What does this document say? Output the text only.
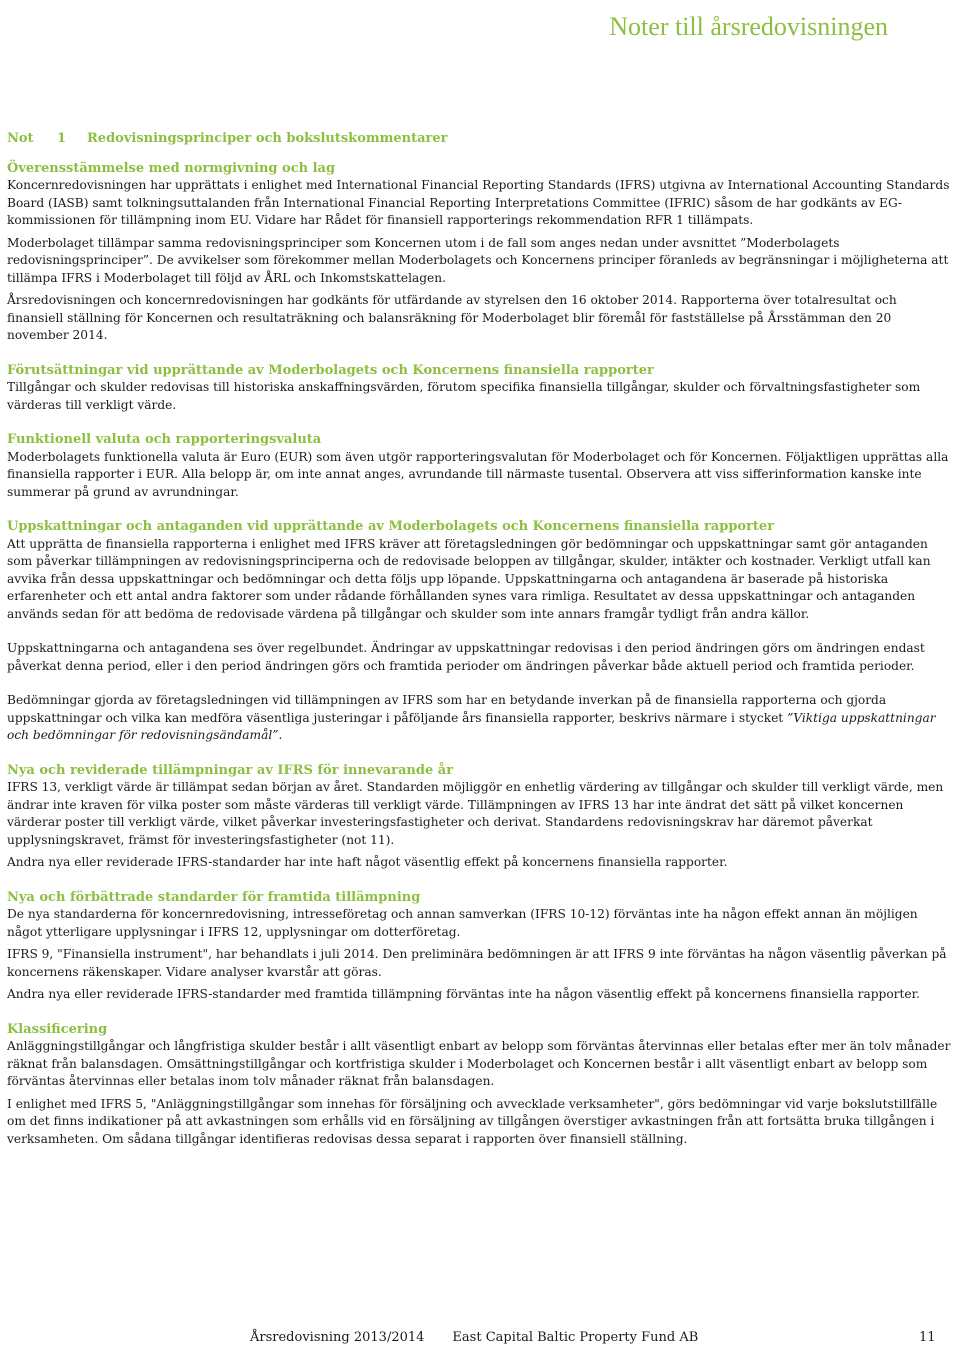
Noter till årsredovisningen
Not 1 Redovisningsprinciper och bokslutskommentarer
Överensstämmelse med normgivning och lag

Koncernredovisningen har upprättats i enlighet med International Financial Reporting Standards (IFRS) utgivna av International Accounting Standards Board (IASB) samt tolkningsuttalanden från International Financial Reporting Interpretations Committee (IFRIC) såsom de har godkänts av EG-kommissionen för tillämpning inom EU. Vidare har Rådet för finansiell rapporterings rekommendation RFR 1 tillämpats.

Moderbolaget tillämpar samma redovisningsprinciper som Koncernen utom i de fall som anges nedan under avsnittet ”Moderbolagets redovisningsprinciper”. De avvikelser som förekommer mellan Moderbolagets och Koncernens principer föranleds av begränsningar i möjligheterna att tillämpa IFRS i Moderbolaget till följd av ÅRL och Inkomstskattelagen.

Årsredovisningen och koncernredovisningen har godkänts för utfärdande av styrelsen den 16 oktober 2014. Rapporterna över totalresultat och finansiell ställning för Koncernen och resultaträkning och balansräkning för Moderbolaget blir föremål för fastställelse på Årsstämman den 20 november 2014.

Förutsättningar vid upprättande av Moderbolagets och Koncernens finansiella rapporter

Tillgångar och skulder redovisas till historiska anskaffningsvärden, förutom specifika finansiella tillgångar, skulder och förvaltningsfastigheter som värderas till verkligt värde.

Funktionell valuta och rapporteringsvaluta

Moderbolagets funktionella valuta är Euro (EUR) som även utgör rapporteringsvalutan för Moderbolaget och för Koncernen. Följaktligen upprättas alla finansiella rapporter i EUR. Alla belopp är, om inte annat anges, avrundande till närmaste tusental. Observera att viss sifferinformation kanske inte summerar på grund av avrundningar.

Uppskattningar och antaganden vid upprättande av Moderbolagets och Koncernens finansiella rapporter

Att upprätta de finansiella rapporterna i enlighet med IFRS kräver att företagsledningen gör bedömningar och uppskattningar samt gör antaganden som påverkar tillämpningen av redovisningsprinciperna och de redovisade beloppen av tillgångar, skulder, intäkter och kostnader. Verkligt utfall kan avvika från dessa uppskattningar och bedömningar och detta följs upp löpande. Uppskattningarna och antagandena är baserade på historiska erfarenheter och ett antal andra faktorer som under rådande förhållanden synes vara rimliga. Resultatet av dessa uppskattningar och antaganden används sedan för att bedöma de redovisade värdena på tillgångar och skulder som inte annars framgår tydligt från andra källor.

Uppskattningarna och antagandena ses över regelbundet. Ändringar av uppskattningar redovisas i den period ändringen görs om ändringen endast påverkat denna period, eller i den period ändringen görs och framtida perioder om ändringen påverkar både aktuell period och framtida perioder.

Bedömningar gjorda av företagsledningen vid tillämpningen av IFRS som har en betydande inverkan på de finansiella rapporterna och gjorda uppskattningar och vilka kan medföra väsentliga justeringar i påföljande års finansiella rapporter, beskrivs närmare i stycket ”Viktiga uppskattningar och bedömningar för redovisningsändamål”.

Nya och reviderade tillämpningar av IFRS för innevarande år

IFRS 13, verkligt värde är tillämpat sedan början av året. Standarden möjliggör en enhetlig värdering av tillgångar och skulder till verkligt värde, men ändrar inte kraven för vilka poster som måste värderas till verkligt värde. Tillämpningen av IFRS 13 har inte ändrat det sätt på vilket koncernen värderar poster till verkligt värde, vilket påverkar investeringsfastigheter och derivat. Standardens redovisningskrav har däremot påverkat upplysningskravet, främst för investeringsfastigheter (not 11).

Andra nya eller reviderade IFRS-standarder har inte haft något väsentlig effekt på koncernens finansiella rapporter.

Nya och förbättrade standarder för framtida tillämpning

De nya standarderna för koncernredovisning, intresseföretag och annan samverkan (IFRS 10-12) förväntas inte ha någon effekt annan än möjligen något ytterligare upplysningar i IFRS 12, upplysningar om dotterföretag.

IFRS 9, "Finansiella instrument", har behandlats i juli 2014. Den preliminära bedömningen är att IFRS 9 inte förväntas ha någon väsentlig påverkan på koncernens räkenskaper. Vidare analyser kvarstår att göras.

Andra nya eller reviderade IFRS-standarder med framtida tillämpning förväntas inte ha någon väsentlig effekt på koncernens finansiella rapporter.

Klassificering

Anläggningstillgångar och långfristiga skulder består i allt väsentligt enbart av belopp som förväntas återvinnas eller betalas efter mer än tolv månader räknat från balansdagen. Omsättningstillgångar och kortfristiga skulder i Moderbolaget och Koncernen består i allt väsentligt enbart av belopp som förväntas återvinnas eller betalas inom tolv månader räknat från balansdagen.

I enlighet med IFRS 5, "Anläggningstillgångar som innehas för försäljning och avvecklade verksamheter", görs bedömningar vid varje bokslutstillfälle om det finns indikationer på att avkastningen som erhålls vid en försäljning av tillgången överstiger avkastningen från att fortsätta bruka tillgången i verksamheten. Om sådana tillgångar identifieras redovisas dessa separat i rapporten över finansiell ställning.

Årsredovisning 2013/2014 East Capital Baltic Property Fund AB	11
